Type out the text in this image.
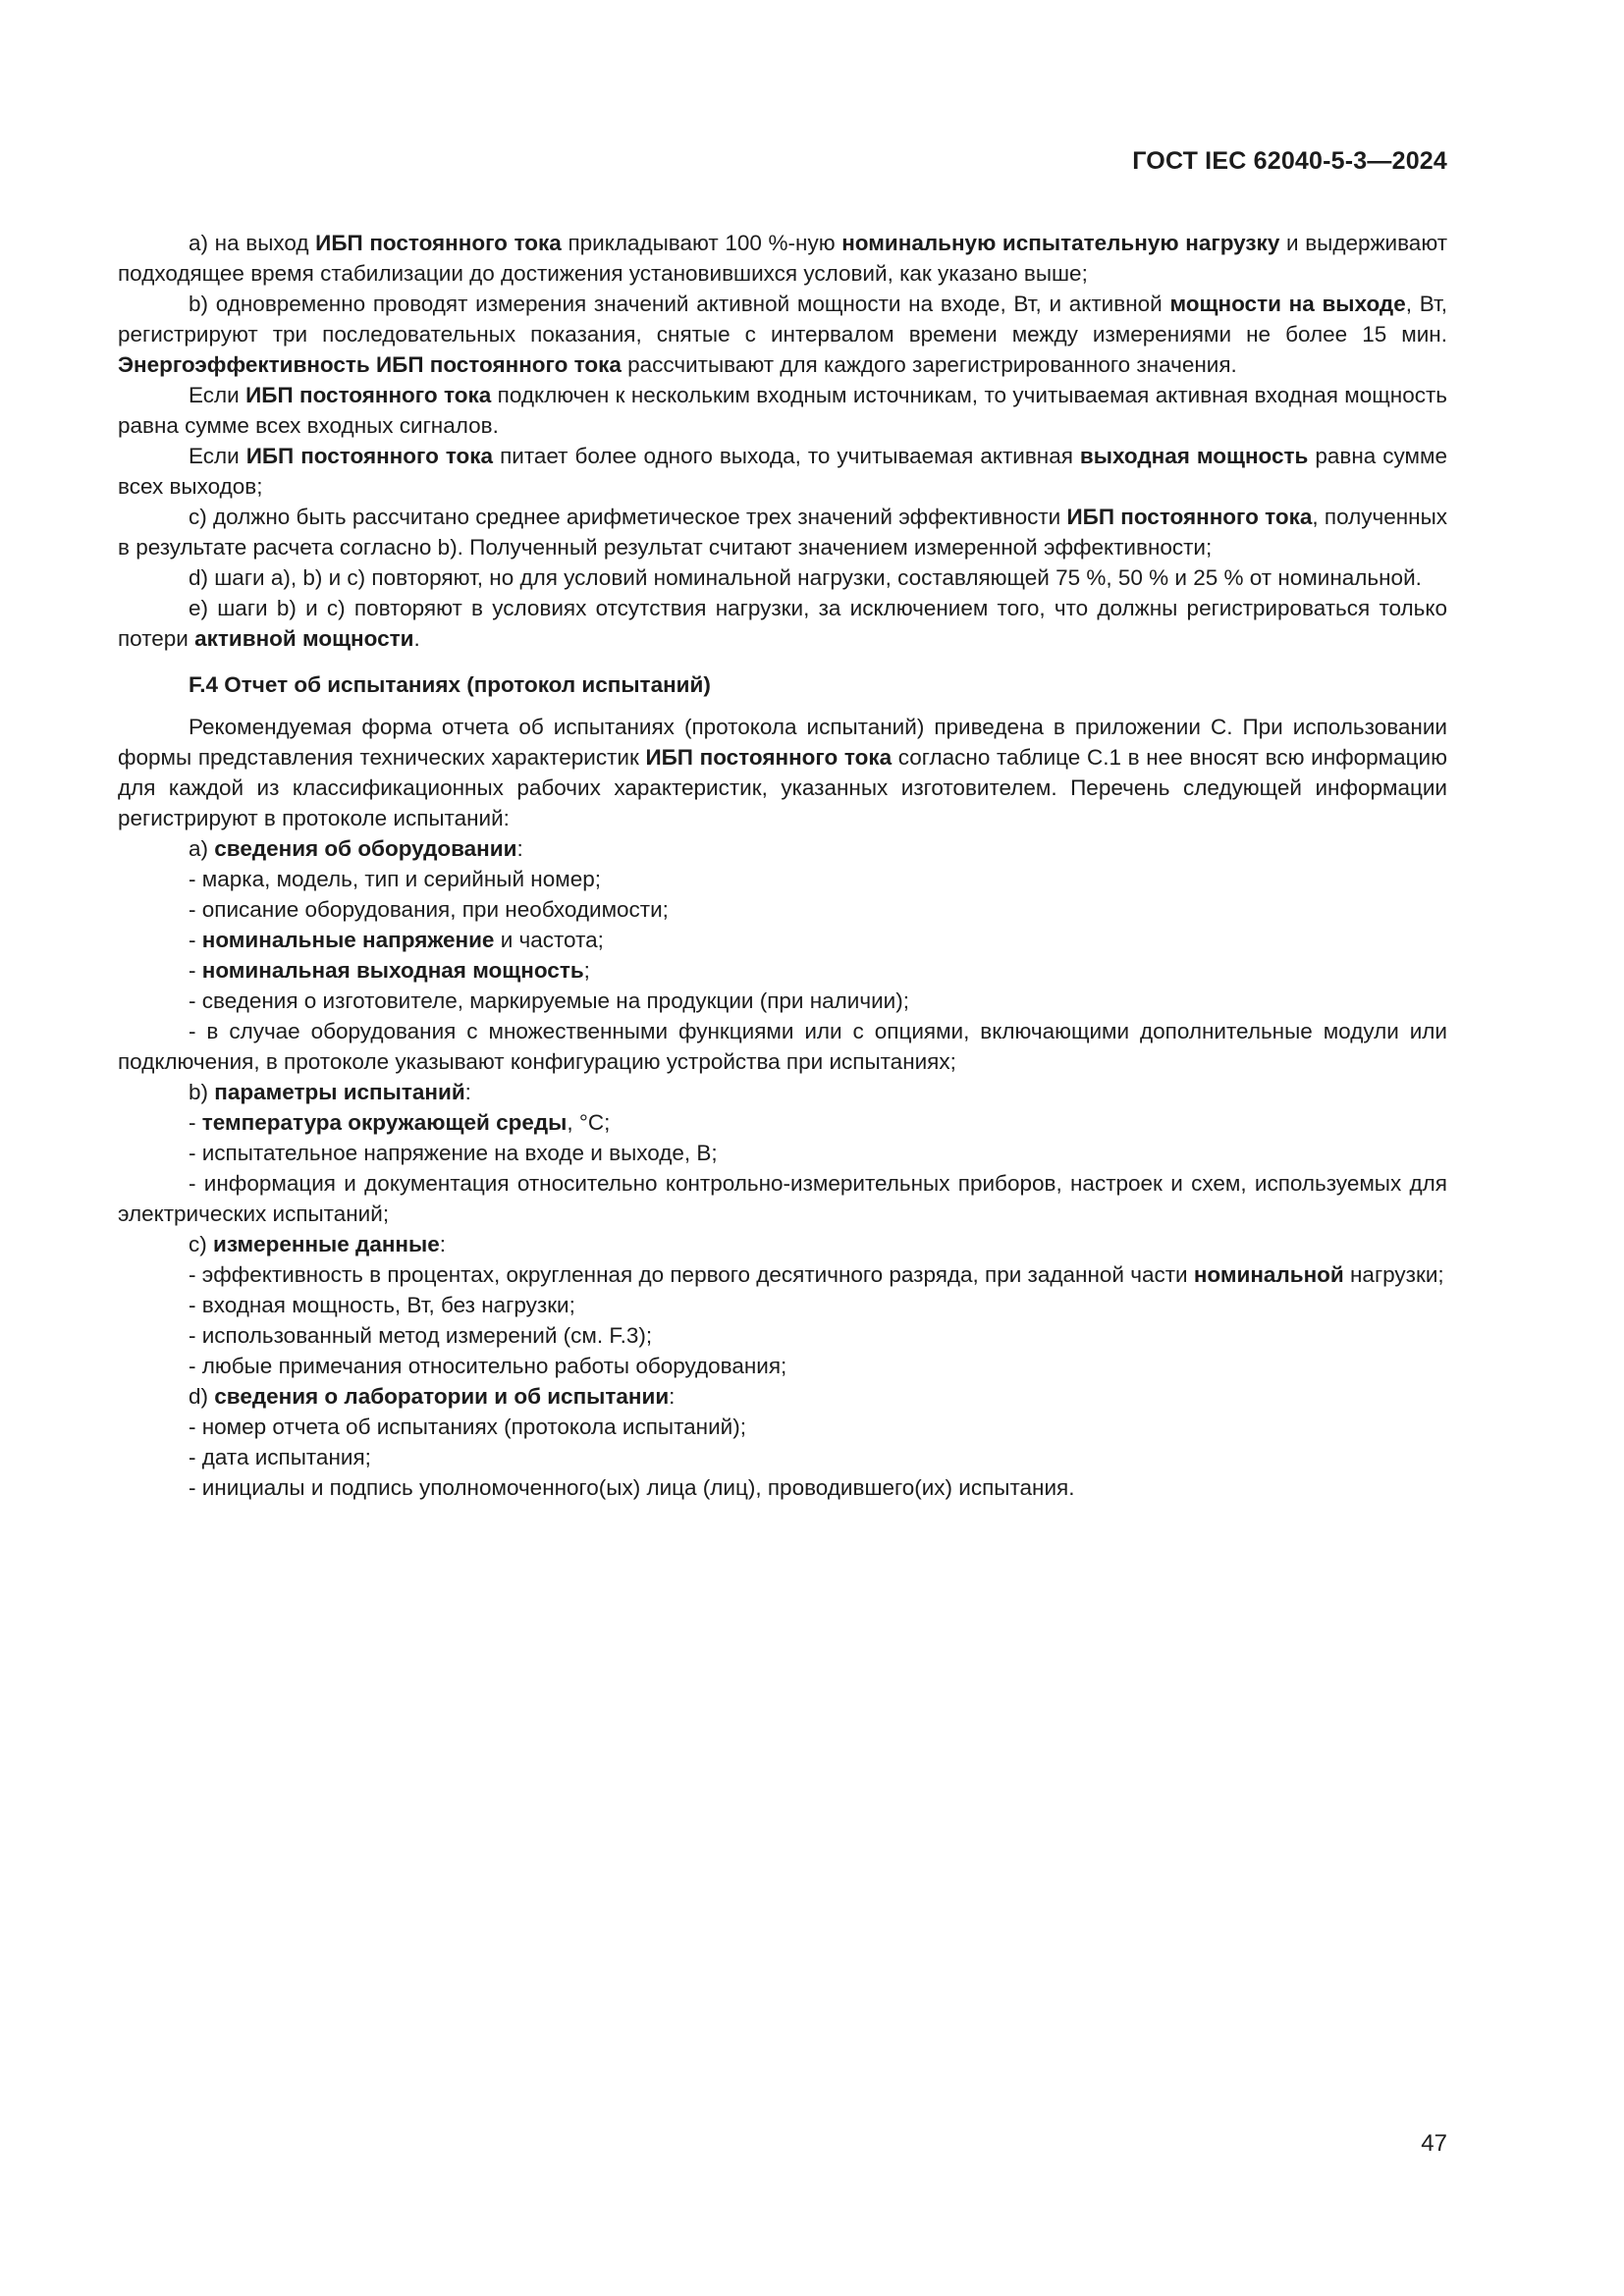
ГОСТ IEC 62040-5-3—2024

a) на выход ИБП постоянного тока прикладывают 100 %-ную номинальную испытательную нагрузку и выдерживают подходящее время стабилизации до достижения установившихся условий, как указано выше;

b) одновременно проводят измерения значений активной мощности на входе, Вт, и активной мощности на выходе, Вт, регистрируют три последовательных показания, снятые с интервалом времени между измерениями не более 15 мин. Энергоэффективность ИБП постоянного тока рассчитывают для каждого зарегистрированного значения.

Если ИБП постоянного тока подключен к нескольким входным источникам, то учитываемая активная входная мощность равна сумме всех входных сигналов.

Если ИБП постоянного тока питает более одного выхода, то учитываемая активная выходная мощность равна сумме всех выходов;

c) должно быть рассчитано среднее арифметическое трех значений эффективности ИБП постоянного тока, полученных в результате расчета согласно b). Полученный результат считают значением измеренной эффективности;

d) шаги a), b) и c) повторяют, но для условий номинальной нагрузки, составляющей 75 %, 50 % и 25 % от номинальной.

e) шаги b) и c) повторяют в условиях отсутствия нагрузки, за исключением того, что должны регистрироваться только потери активной мощности.

F.4 Отчет об испытаниях (протокол испытаний)

Рекомендуемая форма отчета об испытаниях (протокола испытаний) приведена в приложении С. При использовании формы представления технических характеристик ИБП постоянного тока согласно таблице С.1 в нее вносят всю информацию для каждой из классификационных рабочих характеристик, указанных изготовителем. Перечень следующей информации регистрируют в протоколе испытаний:

a) сведения об оборудовании:

- марка, модель, тип и серийный номер;

- описание оборудования, при необходимости;

- номинальные напряжение и частота;

- номинальная выходная мощность;

- сведения о изготовителе, маркируемые на продукции (при наличии);

- в случае оборудования с множественными функциями или с опциями, включающими дополнительные модули или подключения, в протоколе указывают конфигурацию устройства при испытаниях;

b) параметры испытаний:

- температура окружающей среды, °С;

- испытательное напряжение на входе и выходе, В;

- информация и документация относительно контрольно-измерительных приборов, настроек и схем, используемых для электрических испытаний;

c) измеренные данные:

- эффективность в процентах, округленная до первого десятичного разряда, при заданной части номинальной нагрузки;

- входная мощность, Вт, без нагрузки;

- использованный метод измерений (см. F.3);

- любые примечания относительно работы оборудования;

d) сведения о лаборатории и об испытании:

- номер отчета об испытаниях (протокола испытаний);

- дата испытания;

- инициалы и подпись уполномоченного(ых) лица (лиц), проводившего(их) испытания.

47
